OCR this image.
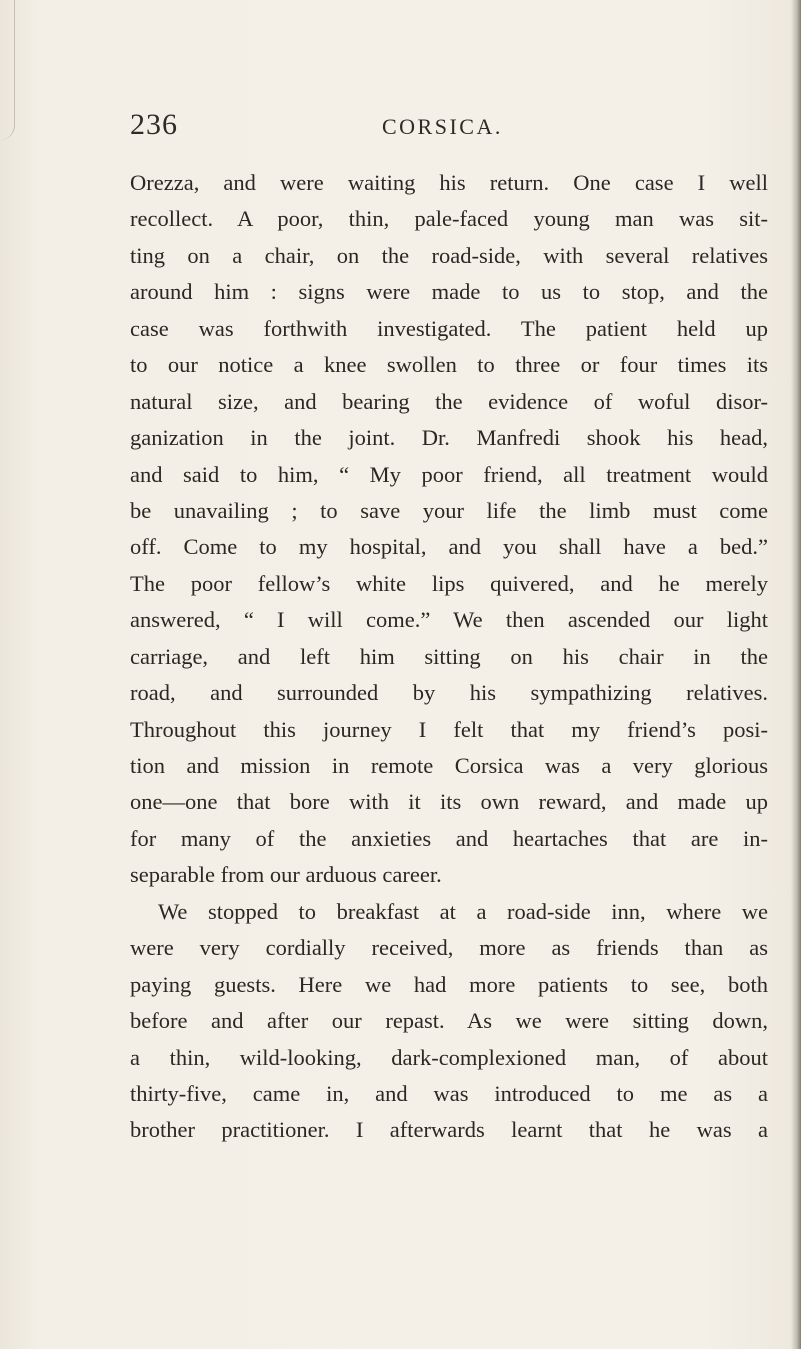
236	CORSICA.
Orezza, and were waiting his return. One case I well
recollect. A poor, thin, pale-faced young man was sit-
ting on a chair, on the road-side, with several relatives
around him : signs were made to us to stop, and the
case was forthwith investigated. The patient held up
to our notice a knee swollen to three or four times its
natural size, and bearing the evidence of woful disor-
ganization in the joint. Dr. Manfredi shook his head,
and said to him, “ My poor friend, all treatment would
be unavailing ; to save your life the limb must come
off. Come to my hospital, and you shall have a bed.”
The poor fellow’s white lips quivered, and he merely
answered, “ I will come.” We then ascended our light
carriage, and left him sitting on his chair in the
road, and surrounded by his sympathizing relatives.
Throughout this journey I felt that my friend’s posi-
tion and mission in remote Corsica was a very glorious
one—one that bore with it its own reward, and made up
for many of the anxieties and heartaches that are in-
separable from our arduous career.
We stopped to breakfast at a road-side inn, where we
were very cordially received, more as friends than as
paying guests. Here we had more patients to see, both
before and after our repast. As we were sitting down,
a thin, wild-looking, dark-complexioned man, of about
thirty-five, came in, and was introduced to me as a
brother practitioner. I afterwards learnt that he was a
